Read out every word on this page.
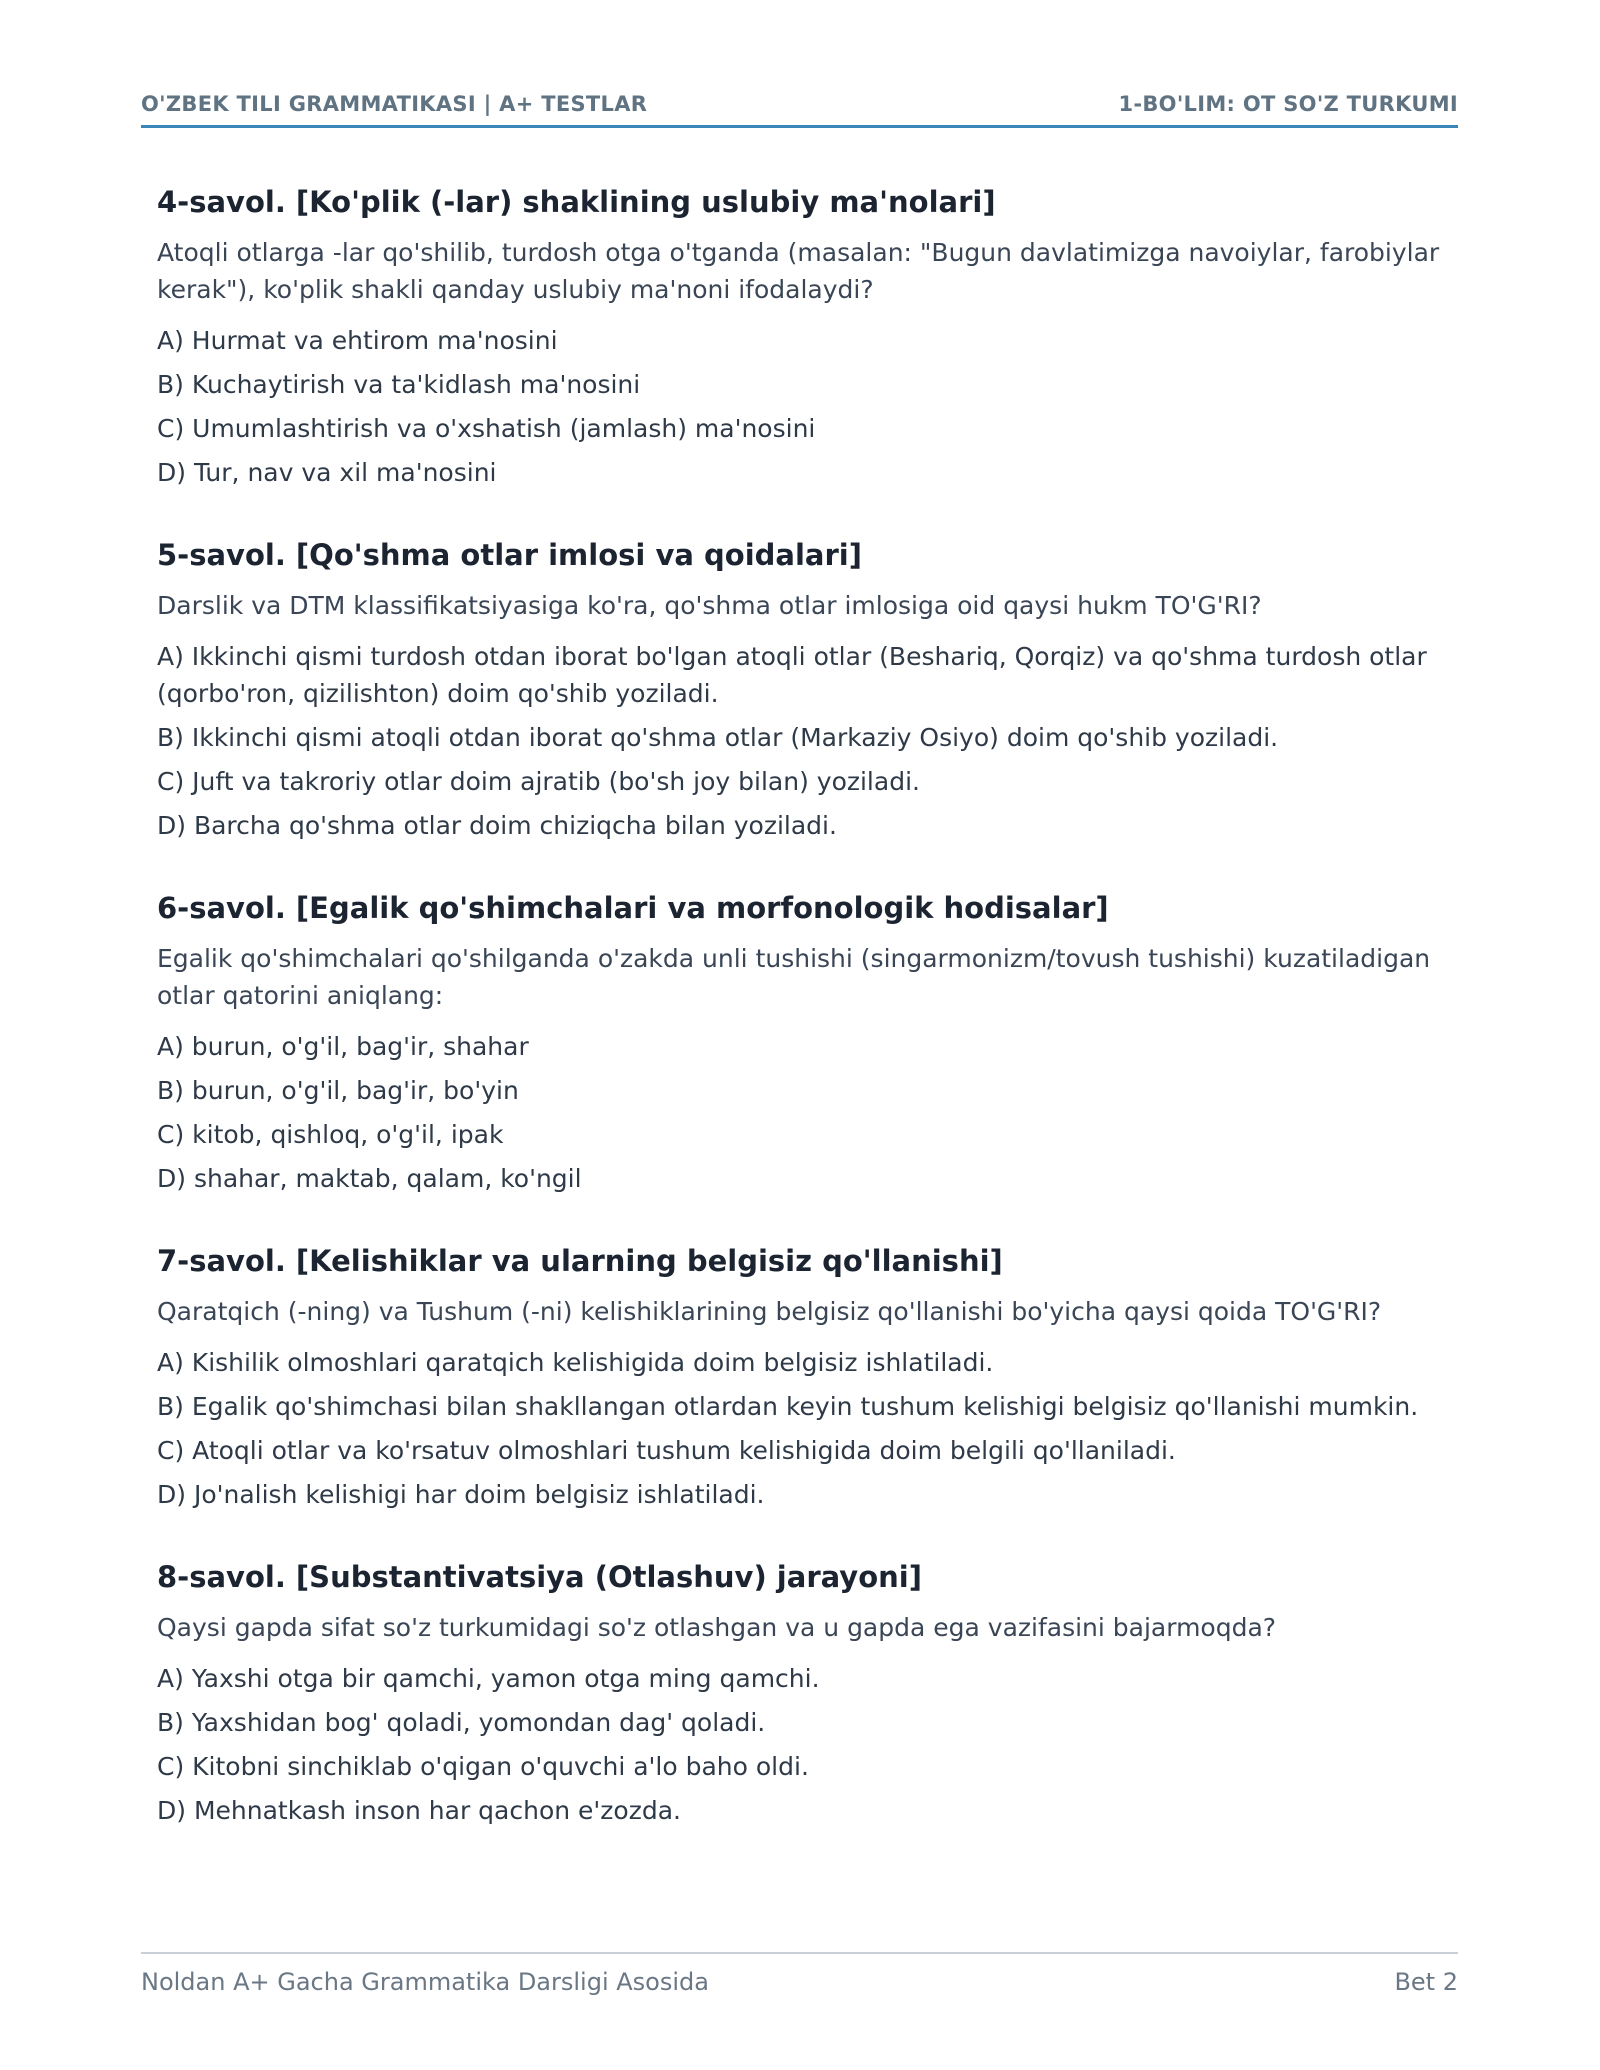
O'ZBEK TILI GRAMMATIKASI | A+ TESTLAR	1-BO'LIM: OT SO'Z TURKUMI
4-savol. [Ko'plik (-lar) shaklining uslubiy ma'nolari]
Atoqli otlarga -lar qo'shilib, turdosh otga o'tganda (masalan: "Bugun davlatimizga navoiylar, farobiylar kerak"), ko'plik shakli qanday uslubiy ma'noni ifodalaydi?
A) Hurmat va ehtirom ma'nosini
B) Kuchaytirish va ta'kidlash ma'nosini
C) Umumlashtirish va o'xshatish (jamlash) ma'nosini
D) Tur, nav va xil ma'nosini
5-savol. [Qo'shma otlar imlosi va qoidalari]
Darslik va DTM klassifikatsiyasiga ko'ra, qo'shma otlar imlosiga oid qaysi hukm TO'G'RI?
A) Ikkinchi qismi turdosh otdan iborat bo'lgan atoqli otlar (Beshariq, Qorqiz) va qo'shma turdosh otlar (qorbo'ron, qizilishton) doim qo'shib yoziladi.
B) Ikkinchi qismi atoqli otdan iborat qo'shma otlar (Markaziy Osiyo) doim qo'shib yoziladi.
C) Juft va takroriy otlar doim ajratib (bo'sh joy bilan) yoziladi.
D) Barcha qo'shma otlar doim chiziqcha bilan yoziladi.
6-savol. [Egalik qo'shimchalari va morfonologik hodisalar]
Egalik qo'shimchalari qo'shilganda o'zakda unli tushishi (singarmonizm/tovush tushishi) kuzatiladigan otlar qatorini aniqlang:
A) burun, o'g'il, bag'ir, shahar
B) burun, o'g'il, bag'ir, bo'yin
C) kitob, qishloq, o'g'il, ipak
D) shahar, maktab, qalam, ko'ngil
7-savol. [Kelishiklar va ularning belgisiz qo'llanishi]
Qaratqich (-ning) va Tushum (-ni) kelishiklarining belgisiz qo'llanishi bo'yicha qaysi qoida TO'G'RI?
A) Kishilik olmoshlari qaratqich kelishigida doim belgisiz ishlatiladi.
B) Egalik qo'shimchasi bilan shakllangan otlardan keyin tushum kelishigi belgisiz qo'llanishi mumkin.
C) Atoqli otlar va ko'rsatuv olmoshlari tushum kelishigida doim belgili qo'llaniladi.
D) Jo'nalish kelishigi har doim belgisiz ishlatiladi.
8-savol. [Substantivatsiya (Otlashuv) jarayoni]
Qaysi gapda sifat so'z turkumidagi so'z otlashgan va u gapda ega vazifasini bajarmoqda?
A) Yaxshi otga bir qamchi, yamon otga ming qamchi.
B) Yaxshidan bog' qoladi, yomondan dag' qoladi.
C) Kitobni sinchiklab o'qigan o'quvchi a'lo baho oldi.
D) Mehnatkash inson har qachon e'zozda.
Noldan A+ Gacha Grammatika Darsligi Asosida	Bet 2
